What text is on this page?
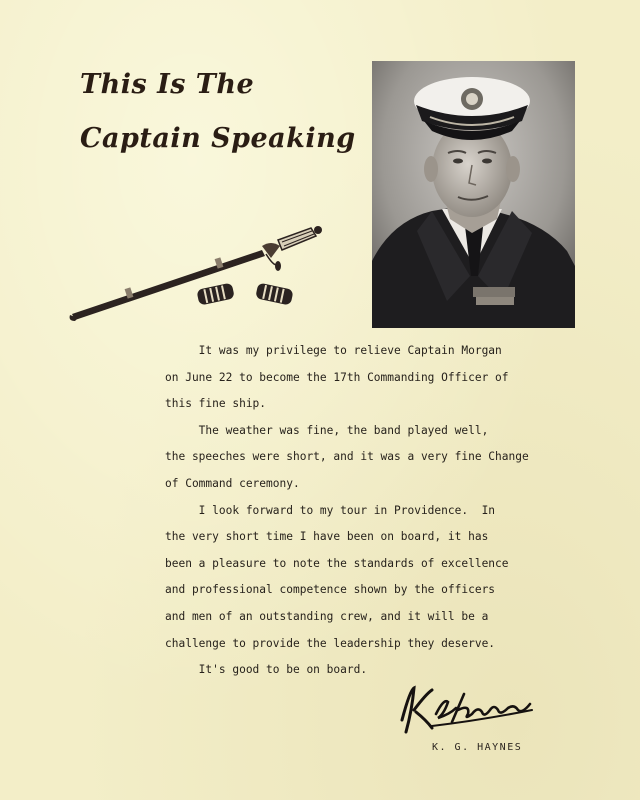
This Is The
Captain Speaking
It was my privilege to relieve Captain Morgan
on June 22 to become the 17th Commanding Officer of
this fine ship.
The weather was fine, the band played well,
the speeches were short, and it was a very fine Change
of Command ceremony.
I look forward to my tour in Providence.  In
the very short time I have been on board, it has
been a pleasure to note the standards of excellence
and professional competence shown by the officers
and men of an outstanding crew, and it will be a
challenge to provide the leadership they deserve.
It's good to be on board.
K. G. HAYNES
